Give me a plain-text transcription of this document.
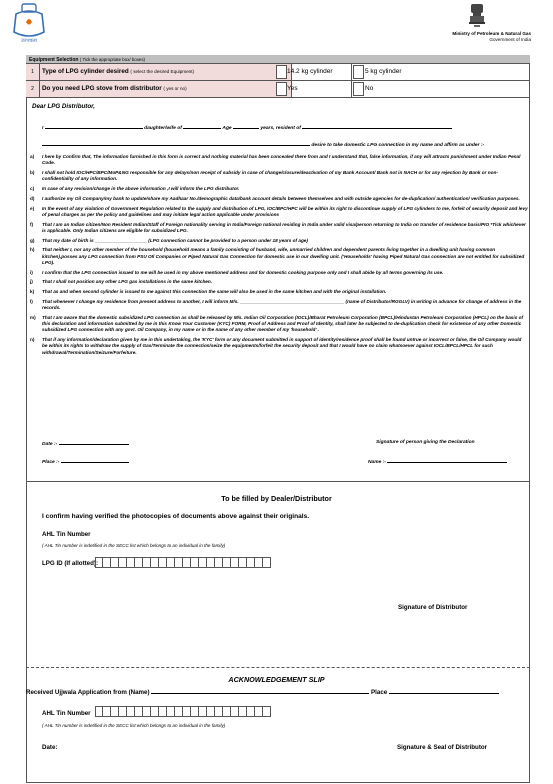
उज्ज्वला
Ministry of Petroleum & Natural Gas
Government of India
Equipment Selection ( Tick the appropriate box/ boxes)
1	Type of LPG cylinder desired ( select the desired Equipment)	14.2 kg cylinder	5 kg cylinder
2	Do you need LPG stove from distributor ( yes or no)	Yes	No
Dear LPG Distributor,
I	daughter/wife of	Age	years, resident of
desire to take domestic LPG connection in my name and affirm as under :-
a) I here by Confirm that, The information furnished in this form is correct and nothing material has been concealed there from and I understand that, false information, if any will attracts punishment under Indian Penal Code.
b) I shall not hold IOC/HPC/BPC/MoP&NG responsible for any delays/non receipt of subsidy in case of change/closure/deactivation of my Bank Account/ Bank not in NACH or for any rejection by Bank or non-confidentiality of any information.
c) In case of any revision/change in the above information ,I will inform the LPG distributor.
d) I authorize my Oil Company/my bank to update/share my Aadhaar No./demographic data/bank account details between themselves and with outside agencies for de-duplication/ authentication/ verification purposes.
e) In the event of any violation of Government Regulation related to the supply and distribution of LPG, IOC/BPC/HPC will be within its right to discontinue supply of LPG cylinders to me, forfeit of security deposit and levy of penal charges as per the policy and guidelines and may initiate legal action applicable under provisions
f) That I am an Indian citizen/Non Resident Indian/Staff of Foreign nationality serving in India/Foreign national residing in India under valid visa/person returning to India on transfer of residence basis/PIO *Tick whichever is applicable. Only Indian citizens are eligible for subsidized LPG.
g) That my date of birth is ____________________ (LPG connection cannot be provided to a person under 18 years of age)
h) That neither I, nor any other member of the household (household means a family consisting of husband, wife, unmarried children and dependent parents living together in a dwelling unit having common kitchen),posses any LPG connection from PSU OIl Companies or Piped Natural Gas Connection for domestic use in our dwelling unit. ('Households' having Piped Natural Gas connection are not entitled for subsidized LPG).
i) I confirm that the LPG connection issued to me will be used in my above mentioned address and for domestic cooking purpose only and I shall abide by all terms governing its use.
j) That I shall not position any other LPG gas installations in the same kitchen.
k) That as and when second cylinder is issued to me against this connection the same will also be used in the same kitchen and with the original installation.
l) That whenever I change my residence from present address to another, I will inform M/s. ________________________________________ (name of Distributor/RGGLV) in writing in advance for change of address in the records.
m) That I am aware that the domestic subsidized LPG connection as shall be released by M/s. Indian Oil Corporation (IOCL)/Bharat Petroleum Corporation (BPCL)/Hindustan Petroleum Corporation (HPCL) on the basis of this declaration and information submitted by me in this Know Your Customer (KYC) FORM, Proof of Address and Proof of Identity, shall later be subjected to de-duplication check for existence of any other Domestic subsidized LPG connection with any govt. Oil Company, in my name or in the name of any other member of my 'household' .
n) That if any information/declaration given by me in this undertaking, the 'KYC' form or any document submitted in support of identity/residence proof shall be found untrue or incorrect or false, the Oil Company would be within its rights to withdraw the supply of Gas/Terminate the connection/seize the equipments/forfeit the security deposit and that I would have no claim whatsoever against IOCL/BPCL/HPCL for such withdrawal/Termination/Seizure/Forfeiture.
Date :-	Signature of person giving the Declaration
Place :-	Name :-
To be filled by Dealer/Distributor
I confirm having verified the photocopies of documents above against their originals.
AHL Tin Number
( AHL Tin number is indetified in the SECC list which belongs to an individual in the family)
LPG ID (If allotted):
Signature of Distributor
ACKNOWLEDGEMENT SLIP
Received Ujjwala Application from (Name)	Place
AHL Tin Number
( AHL Tin number is indetified in the SECC list which belongs to an individual in the family)
Date:	Signature & Seal of Distributor
